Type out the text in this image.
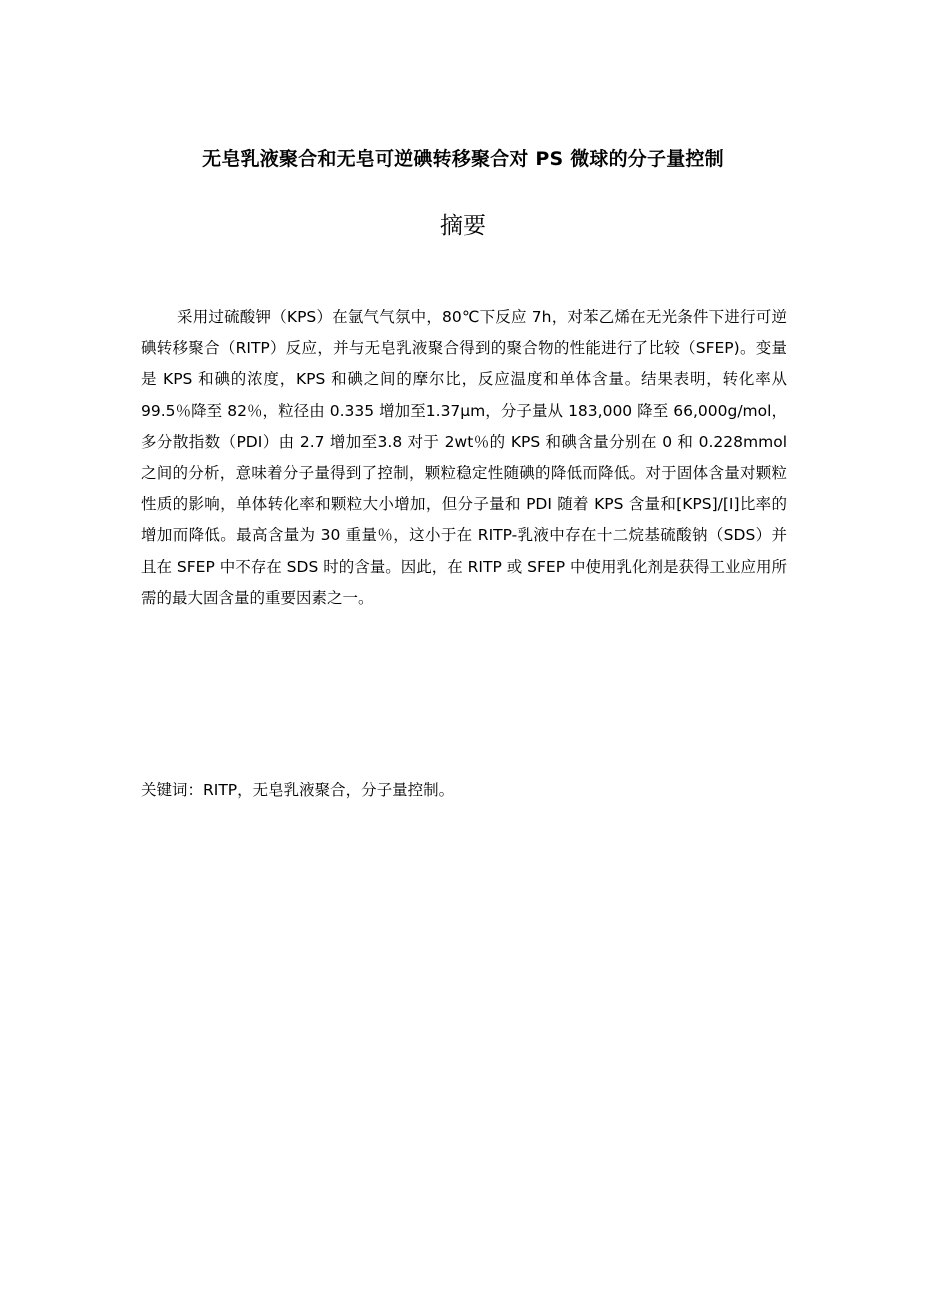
无皂乳液聚合和无皂可逆碘转移聚合对 PS 微球的分子量控制
摘要

采用过硫酸钾（KPS）在氩气气氛中，80℃下反应 7h，对苯乙烯在无光条件下进行可逆碘转移聚合（RITP）反应，并与无皂乳液聚合得到的聚合物的性能进行了比较（SFEP)。变量是 KPS 和碘的浓度，KPS 和碘之间的摩尔比，反应温度和单体含量。结果表明，转化率从 99.5％降至 82％，粒径由 0.335 增加至1.37μm，分子量从 183,000 降至 66,000g/mol，多分散指数（PDI）由 2.7 增加至3.8 对于 2wt％的 KPS 和碘含量分别在 0 和 0.228mmol 之间的分析，意味着分子量得到了控制，颗粒稳定性随碘的降低而降低。对于固体含量对颗粒性质的影响，单体转化率和颗粒大小增加，但分子量和 PDI 随着 KPS 含量和[KPS]/[I]比率的增加而降低。最高含量为 30 重量％，这小于在 RITP-乳液中存在十二烷基硫酸钠（SDS）并且在 SFEP 中不存在 SDS 时的含量。因此，在 RITP 或 SFEP 中使用乳化剂是获得工业应用所需的最大固含量的重要因素之一。

关键词：RITP，无皂乳液聚合，分子量控制。
